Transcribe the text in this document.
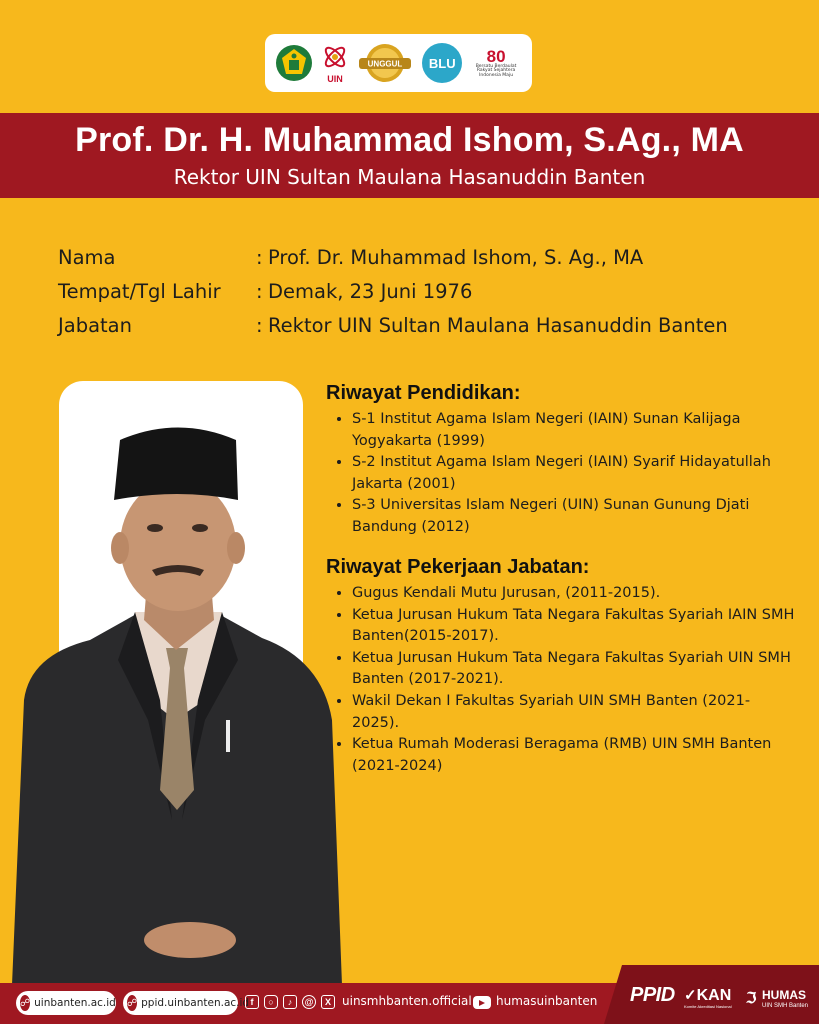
UIN
UNGGUL	BLU	80
Bersatu Berdaulat Rakyat Sejahtera Indonesia Maju
Prof. Dr. H. Muhammad Ishom, S.Ag., MA
Rektor UIN Sultan Maulana Hasanuddin Banten
Nama	: Prof. Dr. Muhammad Ishom, S. Ag., MA
Tempat/Tgl Lahir	: Demak, 23 Juni 1976
Jabatan	: Rektor UIN Sultan Maulana Hasanuddin Banten
Riwayat Pendidikan:
• S-1 Institut Agama Islam Negeri (IAIN) Sunan Kalijaga Yogyakarta (1999)
• S-2 Institut Agama Islam Negeri (IAIN) Syarif Hidayatullah Jakarta (2001)
• S-3 Universitas Islam Negeri (UIN) Sunan Gunung Djati Bandung (2012)
Riwayat Pekerjaan Jabatan:
• Gugus Kendali Mutu Jurusan, (2011-2015).
• Ketua Jurusan Hukum Tata Negara Fakultas Syariah IAIN SMH Banten(2015-2017).
• Ketua Jurusan Hukum Tata Negara Fakultas Syariah UIN SMH Banten (2017-2021).
• Wakil Dekan I Fakultas Syariah UIN SMH Banten (2021-2025).
• Ketua Rumah Moderasi Beragama (RMB) UIN SMH Banten (2021-2024)
☍ uinbanten.ac.id ☍ ppid.uinbanten.ac.id f	○	♪	@	X uinsmhbanten.official humasuinbanten PPID ✓KAN
Komite Akreditasi Nasional ℑ HUMAS
UIN SMH Banten
